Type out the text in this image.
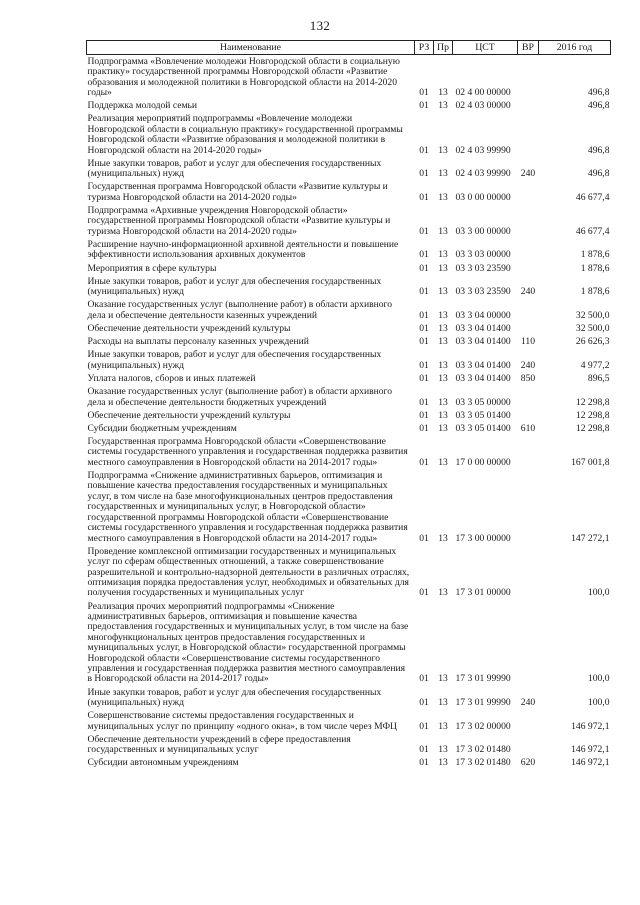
132
Наименование	РЗ	Пр	ЦСТ	ВР	2016 год
Подпрограмма «Вовлечение молодежи Новгородской области в социальную практику» государственной программы Новгородской области «Развитие образования и молодежной политики в Новгородской области на 2014-2020 годы»	01	13	02 4 00 00000		496,8
Поддержка молодой семьи	01	13	02 4 03 00000		496,8
Реализация мероприятий подпрограммы «Вовлечение молодежи Новгородской области в социальную практику» государственной программы Новгородской области «Развитие образования и молодежной политики в Новгородской области на 2014-2020 годы»	01	13	02 4 03 99990		496,8
Иные закупки товаров, работ и услуг для обеспечения государственных (муниципальных) нужд	01	13	02 4 03 99990	240	496,8
Государственная программа Новгородской области «Развитие культуры и туризма Новгородской области на 2014-2020 годы»	01	13	03 0 00 00000		46 677,4
Подпрограмма «Архивные учреждения Новгородской области» государственной программы Новгородской области «Развитие культуры и туризма Новгородской области на 2014-2020 годы»	01	13	03 3 00 00000		46 677,4
Расширение научно-информационной архивной деятельности и повышение эффективности использования архивных документов	01	13	03 3 03 00000		1 878,6
Мероприятия в сфере культуры	01	13	03 3 03 23590		1 878,6
Иные закупки товаров, работ и услуг для обеспечения государственных (муниципальных) нужд	01	13	03 3 03 23590	240	1 878,6
Оказание государственных услуг (выполнение работ) в области архивного дела и обеспечение деятельности казенных учреждений	01	13	03 3 04 00000		32 500,0
Обеспечение деятельности учреждений культуры	01	13	03 3 04 01400		32 500,0
Расходы на выплаты персоналу казенных учреждений	01	13	03 3 04 01400	110	26 626,3
Иные закупки товаров, работ и услуг для обеспечения государственных (муниципальных) нужд	01	13	03 3 04 01400	240	4 977,2
Уплата налогов, сборов и иных платежей	01	13	03 3 04 01400	850	896,5
Оказание государственных услуг (выполнение работ) в области архивного дела и обеспечение деятельности бюджетных учреждений	01	13	03 3 05 00000		12 298,8
Обеспечение деятельности учреждений культуры	01	13	03 3 05 01400		12 298,8
Субсидии бюджетным учреждениям	01	13	03 3 05 01400	610	12 298,8
Государственная программа Новгородской области «Совершенствование системы государственного управления и государственная поддержка развития местного самоуправления в Новгородской области на 2014-2017 годы»	01	13	17 0 00 00000		167 001,8
Подпрограмма «Снижение административных барьеров, оптимизация и повышение качества предоставления государственных и муниципальных услуг, в том числе на базе многофункциональных центров предоставления государственных и муниципальных услуг, в Новгородской области» государственной программы Новгородской области «Совершенствование системы государственного управления и государственная поддержка развития местного самоуправления в Новгородской области на 2014-2017 годы»	01	13	17 3 00 00000		147 272,1
Проведение комплексной оптимизации государственных и муниципальных услуг по сферам общественных отношений, а также совершенствование разрешительной и контрольно-надзорной деятельности в различных отраслях, оптимизация порядка предоставления услуг, необходимых и обязательных для получения государственных и муниципальных услуг	01	13	17 3 01 00000		100,0
Реализация прочих мероприятий подпрограммы «Снижение административных барьеров, оптимизация и повышение качества предоставления государственных и муниципальных услуг, в том числе на базе многофункциональных центров предоставления государственных и муниципальных услуг, в Новгородской области» государственной программы Новгородской области «Совершенствование системы государственного управления и государственная поддержка развития местного самоуправления в Новгородской области на 2014-2017 годы»	01	13	17 3 01 99990		100,0
Иные закупки товаров, работ и услуг для обеспечения государственных (муниципальных) нужд	01	13	17 3 01 99990	240	100,0
Совершенствование системы предоставления государственных и муниципальных услуг по принципу «одного окна», в том числе через МФЦ	01	13	17 3 02 00000		146 972,1
Обеспечение деятельности учреждений в сфере предоставления государственных и муниципальных услуг	01	13	17 3 02 01480		146 972,1
Субсидии автономным учреждениям	01	13	17 3 02 01480	620	146 972,1
